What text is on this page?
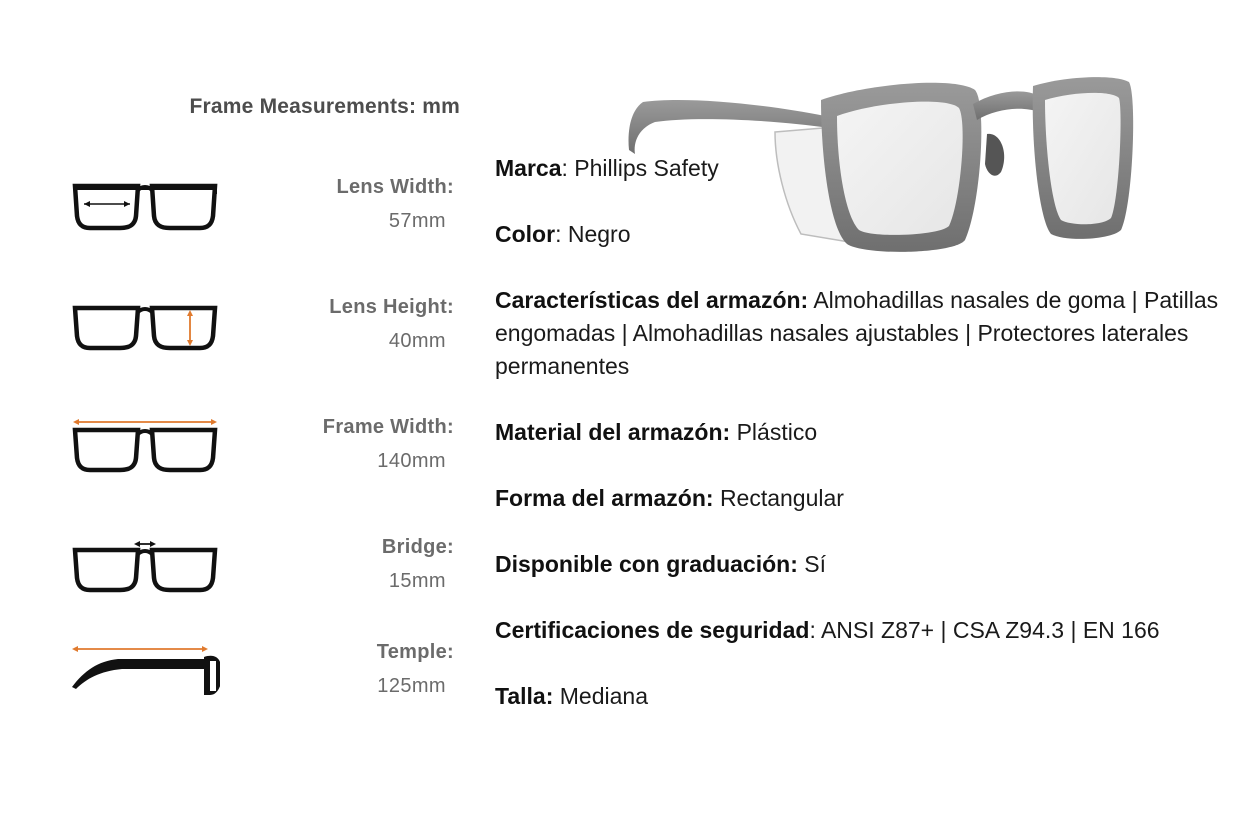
Frame Measurements: mm
Lens Width:
57mm
Lens Height:
40mm
Frame Width:
140mm
Bridge:
15mm
Temple:
125mm
Marca: Phillips Safety
Color: Negro
Características del armazón: Almohadillas nasales de goma | Patillas engomadas | Almohadillas nasales ajustables | Protectores laterales permanentes
Material del armazón: Plástico
Forma del armazón: Rectangular
Disponible con graduación: Sí
Certificaciones de seguridad: ANSI Z87+ | CSA Z94.3 | EN 166
Talla: Mediana
